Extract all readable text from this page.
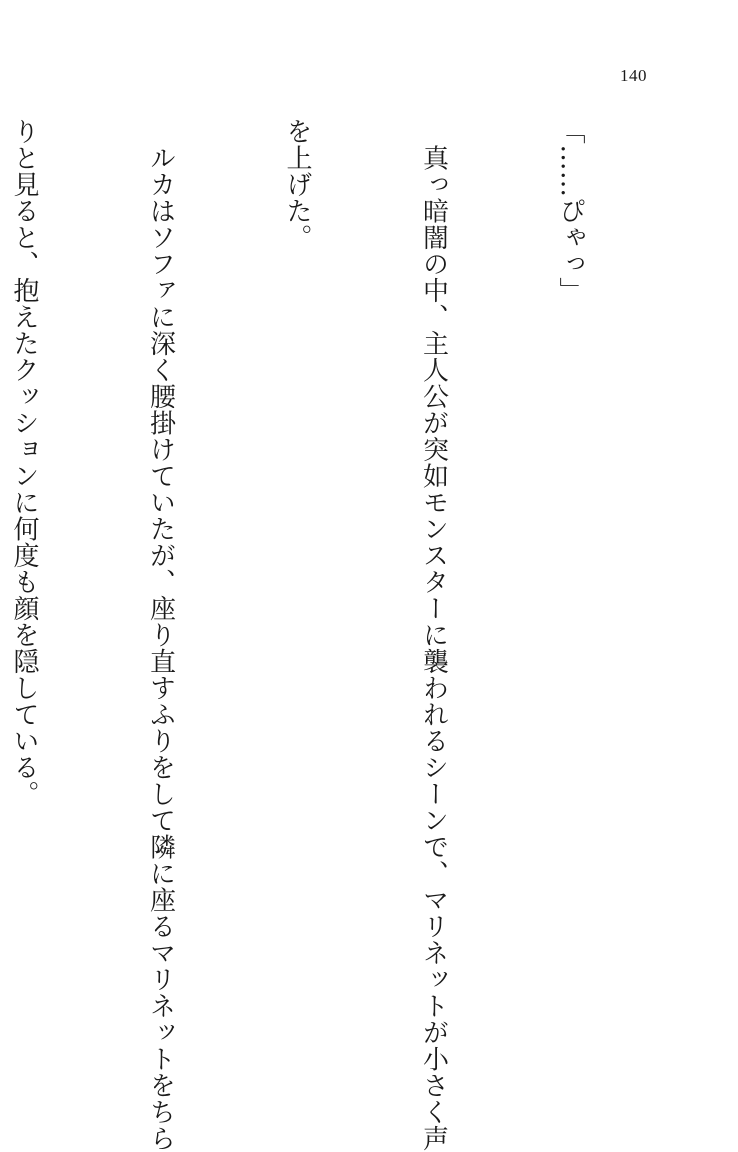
140

「……ぴゃっ」

　真っ暗闇の中、主人公が突如モンスターに襲われるシーンで、マリネットが小さく声

を上げた。

　ルカはソファに深く腰掛けていたが、座り直すふりをして隣に座るマリネットをちら

りと見ると、抱えたクッションに何度も顔を隠している。
